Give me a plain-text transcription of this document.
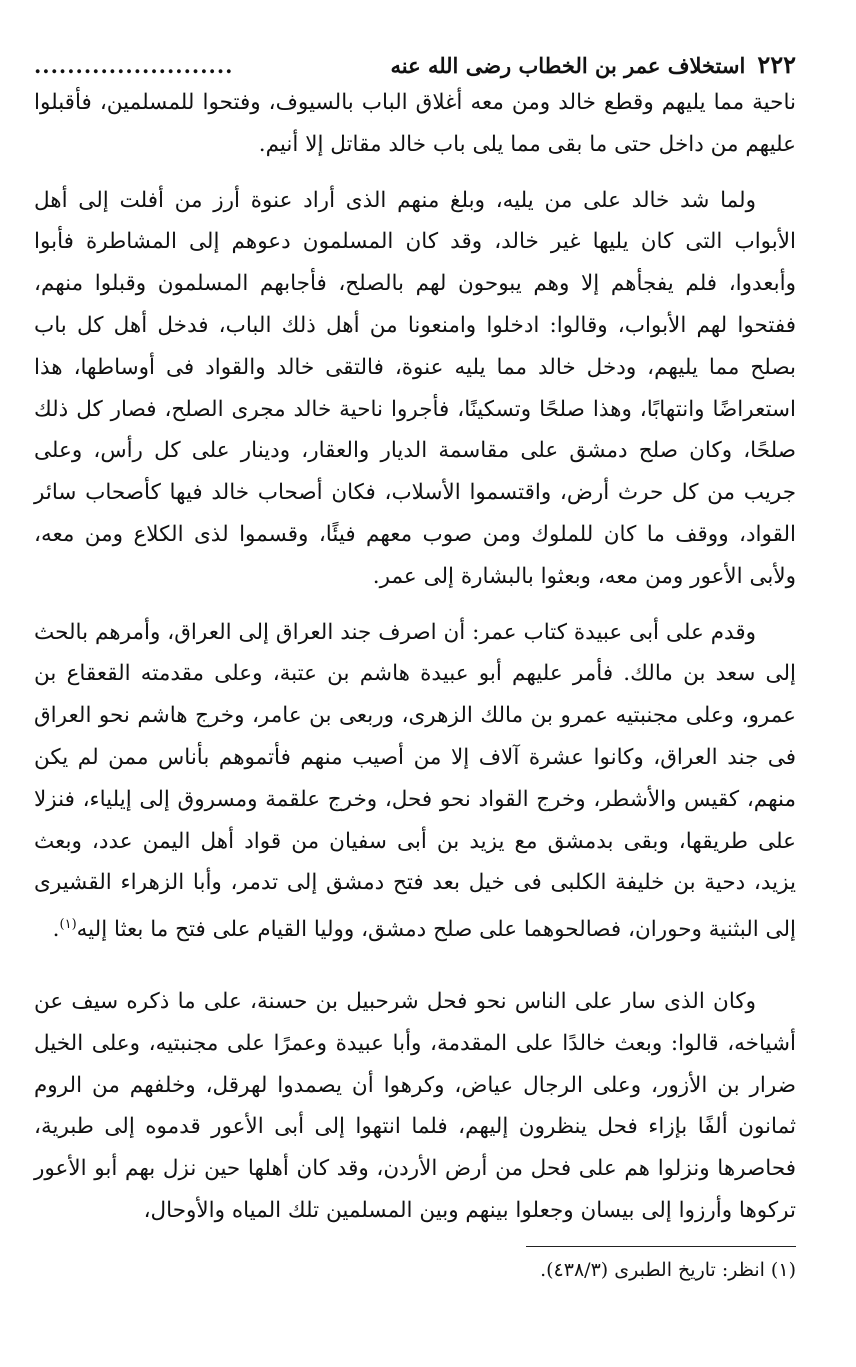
٢٢٢
استخلاف عمر بن الخطاب رضى الله عنه
........................

ناحية مما يليهم وقطع خالد ومن معه أغلاق الباب بالسيوف، وفتحوا للمسلمين، فأقبلوا عليهم من داخل حتى ما بقى مما يلى باب خالد مقاتل إلا أنيم.

ولما شد خالد على من يليه، وبلغ منهم الذى أراد عنوة أرز من أفلت إلى أهل الأبواب التى كان يليها غير خالد، وقد كان المسلمون دعوهم إلى المشاطرة فأبوا وأبعدوا، فلم يفجأهم إلا وهم يبوحون لهم بالصلح، فأجابهم المسلمون وقبلوا منهم، ففتحوا لهم الأبواب، وقالوا: ادخلوا وامنعونا من أهل ذلك الباب، فدخل أهل كل باب بصلح مما يليهم، ودخل خالد مما يليه عنوة، فالتقى خالد والقواد فى أوساطها، هذا استعراضًا وانتهابًا، وهذا صلحًا وتسكينًا، فأجروا ناحية خالد مجرى الصلح، فصار كل ذلك صلحًا، وكان صلح دمشق على مقاسمة الديار والعقار، ودينار على كل رأس، وعلى جريب من كل حرث أرض، واقتسموا الأسلاب، فكان أصحاب خالد فيها كأصحاب سائر القواد، ووقف ما كان للملوك ومن صوب معهم فيئًا، وقسموا لذى الكلاع ومن معه، ولأبى الأعور ومن معه، وبعثوا بالبشارة إلى عمر.

وقدم على أبى عبيدة كتاب عمر: أن اصرف جند العراق إلى العراق، وأمرهم بالحث إلى سعد بن مالك. فأمر عليهم أبو عبيدة هاشم بن عتبة، وعلى مقدمته القعقاع بن عمرو، وعلى مجنبتيه عمرو بن مالك الزهرى، وربعى بن عامر، وخرج هاشم نحو العراق فى جند العراق، وكانوا عشرة آلاف إلا من أصيب منهم فأتموهم بأناس ممن لم يكن منهم، كقيس والأشطر، وخرج القواد نحو فحل، وخرج علقمة ومسروق إلى إيلياء، فنزلا على طريقها، وبقى بدمشق مع يزيد بن أبى سفيان من قواد أهل اليمن عدد، وبعث يزيد، دحية بن خليفة الكلبى فى خيل بعد فتح دمشق إلى تدمر، وأبا الزهراء القشيرى إلى البثنية وحوران، فصالحوهما على صلح دمشق، ووليا القيام على فتح ما بعثا إليه$^{(١)}$.

وكان الذى سار على الناس نحو فحل شرحبيل بن حسنة، على ما ذكره سيف عن أشياخه، قالوا: وبعث خالدًا على المقدمة، وأبا عبيدة وعمرًا على مجنبتيه، وعلى الخيل ضرار بن الأزور، وعلى الرجال عياض، وكرهوا أن يصمدوا لهرقل، وخلفهم من الروم ثمانون ألفًا بإزاء فحل ينظرون إليهم، فلما انتهوا إلى أبى الأعور قدموه إلى طبرية، فحاصرها ونزلوا هم على فحل من أرض الأردن، وقد كان أهلها حين نزل بهم أبو الأعور تركوها وأرزوا إلى بيسان وجعلوا بينهم وبين المسلمين تلك المياه والأوحال،

(١) انظر: تاريخ الطبرى (٤٣٨/٣).
